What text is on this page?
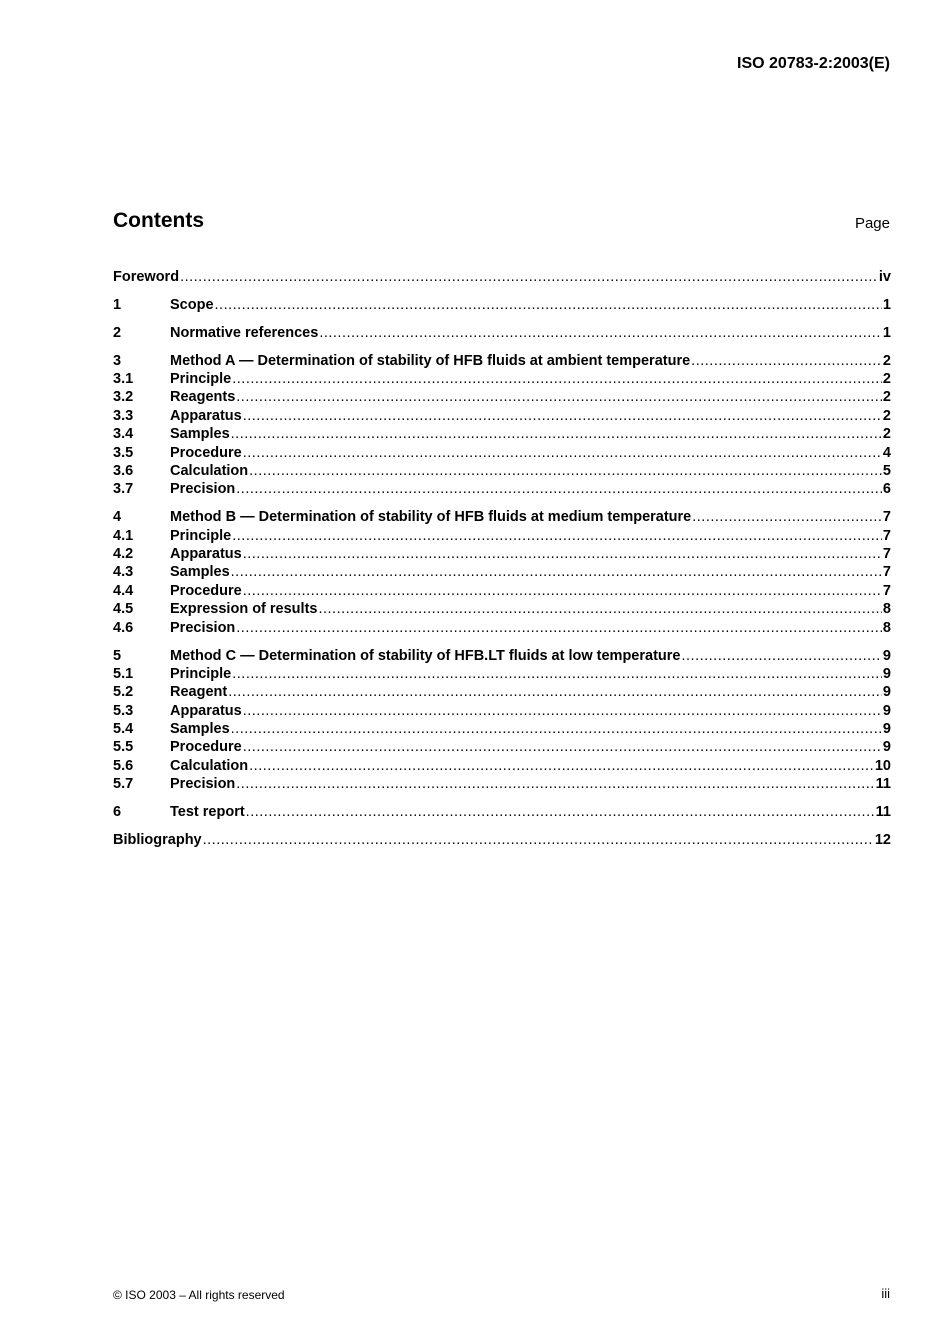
ISO 20783-2:2003(E)
Contents	Page
Foreword .....	iv
1	Scope .....	1
2	Normative references .....	1
3	Method A — Determination of stability of HFB fluids at ambient temperature .....	2
3.1	Principle .....	2
3.2	Reagents .....	2
3.3	Apparatus .....	2
3.4	Samples .....	2
3.5	Procedure .....	4
3.6	Calculation .....	5
3.7	Precision .....	6
4	Method B — Determination of stability of HFB fluids at medium temperature .....	7
4.1	Principle .....	7
4.2	Apparatus .....	7
4.3	Samples .....	7
4.4	Procedure .....	7
4.5	Expression of results .....	8
4.6	Precision .....	8
5	Method C — Determination of stability of HFB.LT fluids at low temperature .....	9
5.1	Principle .....	9
5.2	Reagent .....	9
5.3	Apparatus .....	9
5.4	Samples .....	9
5.5	Procedure .....	9
5.6	Calculation .....	10
5.7	Precision .....	11
6	Test report .....	11
Bibliography .....	12
© ISO 2003 – All rights reserved	iii
